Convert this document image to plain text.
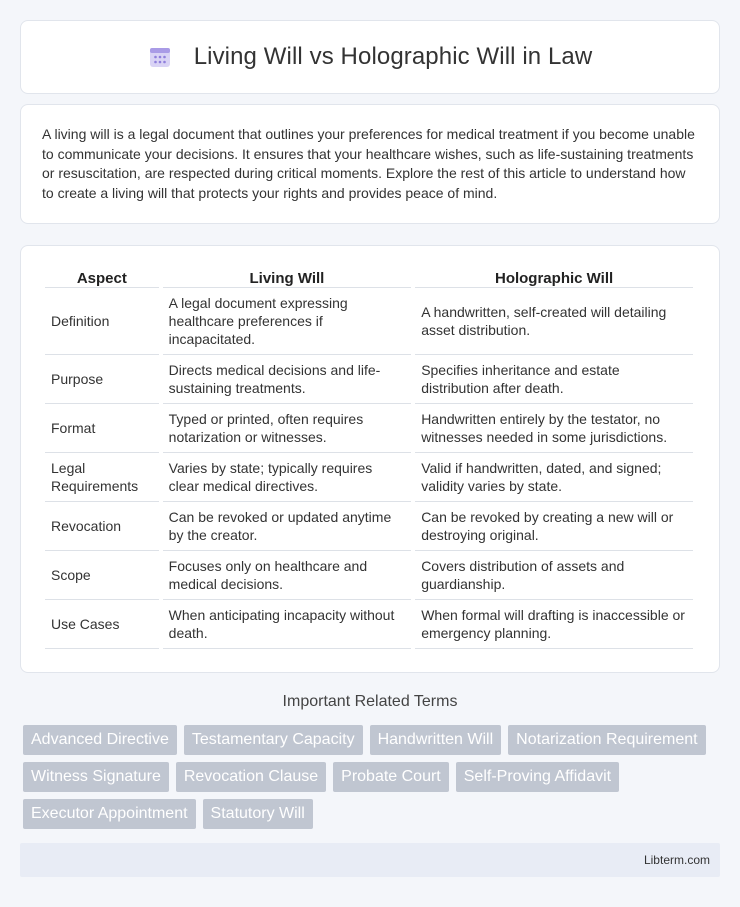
Living Will vs Holographic Will in Law

A living will is a legal document that outlines your preferences for medical treatment if you become unable to communicate your decisions. It ensures that your healthcare wishes, such as life-sustaining treatments or resuscitation, are respected during critical moments. Explore the rest of this article to understand how to create a living will that protects your rights and provides peace of mind.

Aspect	Living Will	Holographic Will
Definition	A legal document expressing healthcare preferences if incapacitated.	A handwritten, self-created will detailing asset distribution.
Purpose	Directs medical decisions and life-sustaining treatments.	Specifies inheritance and estate distribution after death.
Format	Typed or printed, often requires notarization or witnesses.	Handwritten entirely by the testator, no witnesses needed in some jurisdictions.
Legal Requirements	Varies by state; typically requires clear medical directives.	Valid if handwritten, dated, and signed; validity varies by state.
Revocation	Can be revoked or updated anytime by the creator.	Can be revoked by creating a new will or destroying original.
Scope	Focuses only on healthcare and medical decisions.	Covers distribution of assets and guardianship.
Use Cases	When anticipating incapacity without death.	When formal will drafting is inaccessible or emergency planning.
Important Related Terms
Advanced Directive	Testamentary Capacity	Handwritten Will	Notarization Requirement
Witness Signature	Revocation Clause	Probate Court	Self-Proving Affidavit
Executor Appointment	Statutory Will
Libterm.com
